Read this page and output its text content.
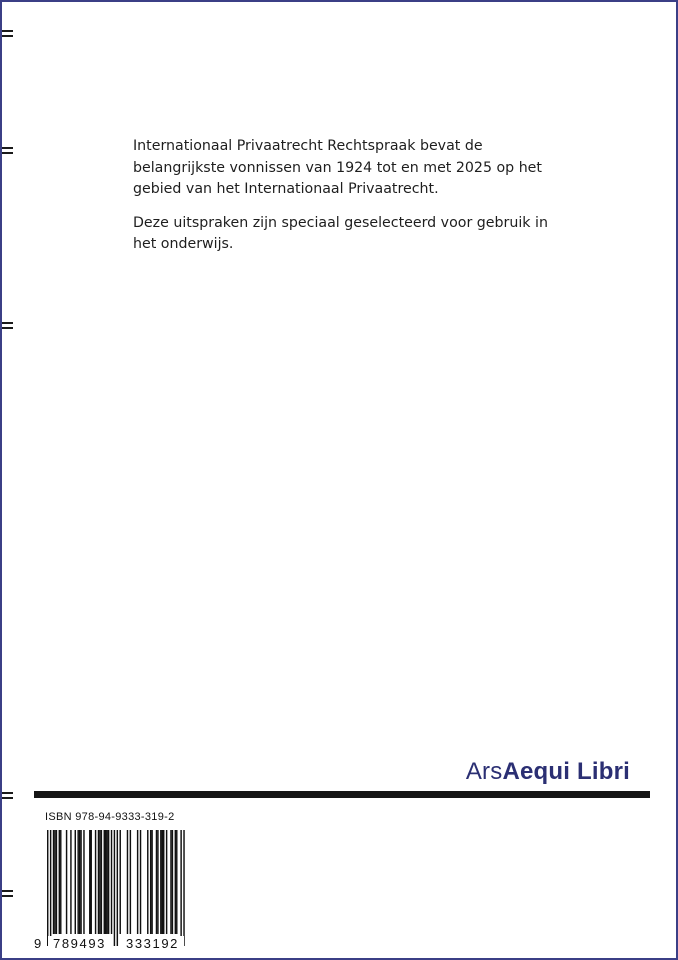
Internationaal Privaatrecht Rechtspraak bevat de belangrijkste vonnissen van 1924 tot en met 2025 op het gebied van het Internationaal Privaatrecht.

Deze uitspraken zijn speciaal geselecteerd voor gebruik in het onderwijs.

ArsAequi Libri
ISBN 978-94-9333-319-2
9 789493	333192
